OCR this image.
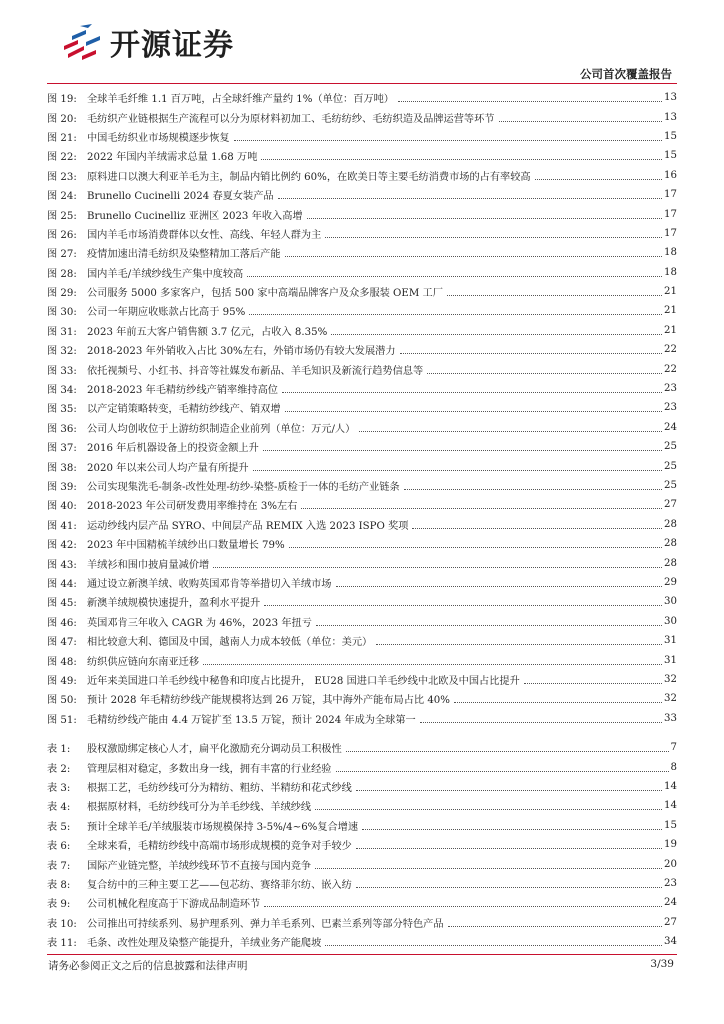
开源证券
公司首次覆盖报告
图 19: 全球羊毛纤维 1.1 百万吨，占全球纤维产量约 1%（单位：百万吨）	13
图 20: 毛纺织产业链根据生产流程可以分为原材料初加工、毛纺纺纱、毛纺织造及品牌运营等环节	13
图 21: 中国毛纺织业市场规模逐步恢复	15
图 22: 2022 年国内羊绒需求总量 1.68 万吨	15
图 23: 原料进口以澳大利亚羊毛为主，制品内销比例约 60%，在欧美日等主要毛纺消费市场的占有率较高	16
图 24: Brunello Cucinelli 2024 春夏女装产品	17
图 25: Brunello Cucinelliz 亚洲区 2023 年收入高增	17
图 26: 国内羊毛市场消费群体以女性、高线、年轻人群为主	17
图 27: 疫情加速出清毛纺织及染整精加工落后产能	18
图 28: 国内羊毛/羊绒纱线生产集中度较高	18
图 29: 公司服务 5000 多家客户，包括 500 家中高端品牌客户及众多服装 OEM 工厂	21
图 30: 公司一年期应收账款占比高于 95%	21
图 31: 2023 年前五大客户销售额 3.7 亿元，占收入 8.35%	21
图 32: 2018-2023 年外销收入占比 30%左右，外销市场仍有较大发展潜力	22
图 33: 依托视频号、小红书、抖音等社媒发布新品、羊毛知识及新流行趋势信息等	22
图 34: 2018-2023 年毛精纺纱线产销率维持高位	23
图 35: 以产定销策略转变，毛精纺纱线产、销双增	23
图 36: 公司人均创收位于上游纺织制造企业前列（单位：万元/人）	24
图 37: 2016 年后机器设备上的投资金额上升	25
图 38: 2020 年以来公司人均产量有所提升	25
图 39: 公司实现集洗毛-制条-改性处理-纺纱-染整-质检于一体的毛纺产业链条	25
图 40: 2018-2023 年公司研发费用率维持在 3%左右	27
图 41: 运动纱线内层产品 SYRO、中间层产品 REMIX 入选 2023 ISPO 奖项	28
图 42: 2023 年中国精梳羊绒纱出口数量增长 79%	28
图 43: 羊绒衫和围巾披肩量减价增	28
图 44: 通过设立新澳羊绒、收购英国邓肯等举措切入羊绒市场	29
图 45: 新澳羊绒规模快速提升，盈利水平提升	30
图 46: 英国邓肯三年收入 CAGR 为 46%，2023 年扭亏	30
图 47: 相比较意大利、德国及中国，越南人力成本较低（单位：美元）	31
图 48: 纺织供应链向东南亚迁移	31
图 49: 近年来美国进口羊毛纱线中秘鲁和印度占比提升， EU28 国进口羊毛纱线中北欧及中国占比提升	32
图 50: 预计 2028 年毛精纺纱线产能规模将达到 26 万锭，其中海外产能布局占比 40%	32
图 51: 毛精纺纱线产能由 4.4 万锭扩至 13.5 万锭，预计 2024 年成为全球第一	33
表 1:	股权激励绑定核心人才，扁平化激励充分调动员工积极性	7
表 2:	管理层相对稳定，多数出身一线，拥有丰富的行业经验	8
表 3:	根据工艺，毛纺纱线可分为精纺、粗纺、半精纺和花式纱线	14
表 4:	根据原材料，毛纺纱线可分为羊毛纱线、羊绒纱线	14
表 5:	预计全球羊毛/羊绒服装市场规模保持 3-5%/4~6%复合增速	15
表 6:	全球来看，毛精纺纱线中高端市场形成规模的竞争对手较少	19
表 7:	国际产业链完整，羊绒纱线环节不直接与国内竞争	20
表 8:	复合纺中的三种主要工艺——包芯纺、赛络菲尔纺、嵌入纺	23
表 9:	公司机械化程度高于下游成品制造环节	24
表 10: 公司推出可持续系列、易护理系列、弹力羊毛系列、巴素兰系列等部分特色产品	27
表 11: 毛条、改性处理及染整产能提升，羊绒业务产能爬坡	34
请务必参阅正文之后的信息披露和法律声明	3/39
